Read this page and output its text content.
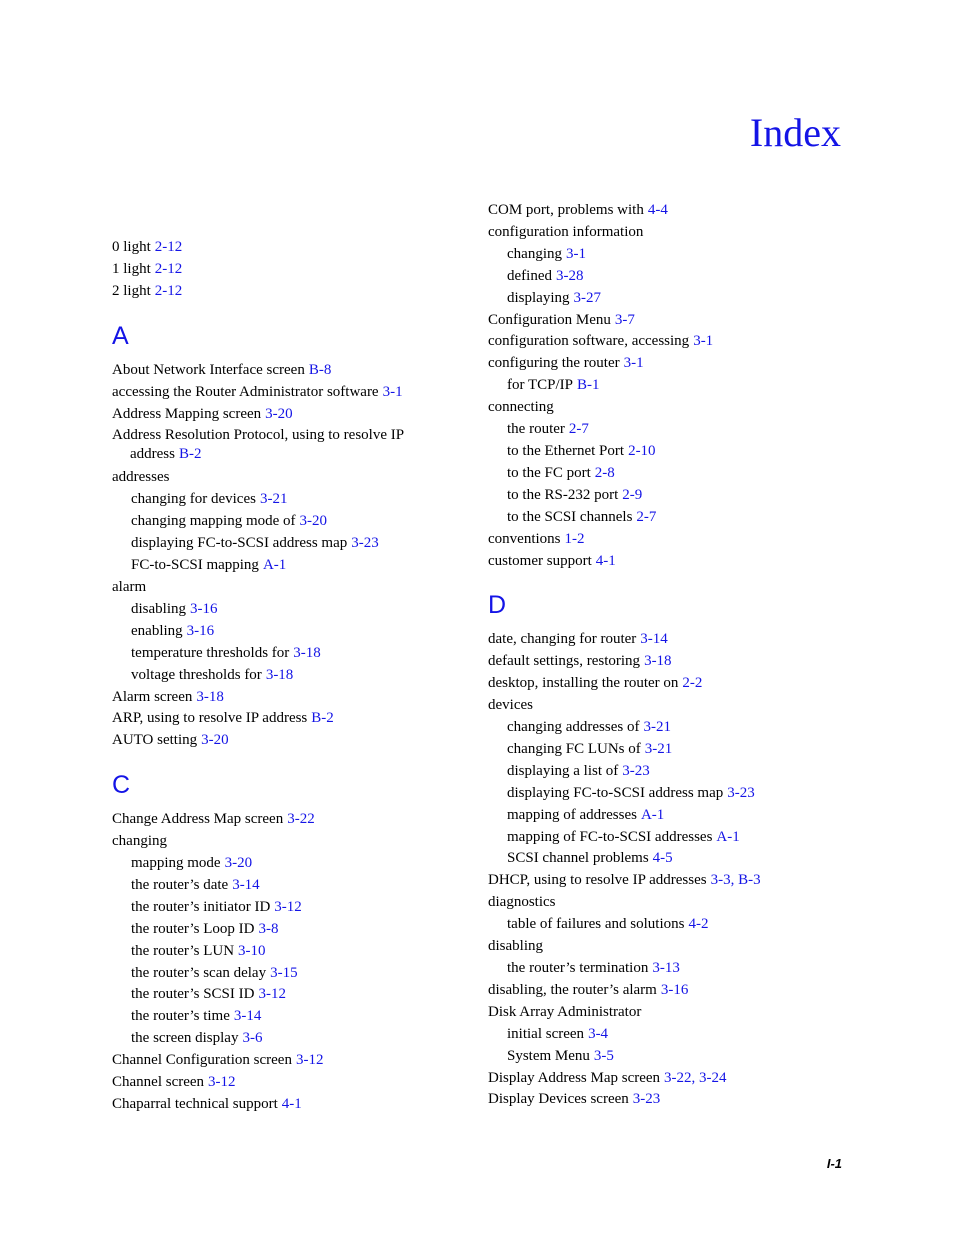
Index
0 light 2-12
1 light 2-12
2 light 2-12
A
About Network Interface screen B-8
accessing the Router Administrator software 3-1
Address Mapping screen 3-20
Address Resolution Protocol, using to resolve IP address B-2
addresses
changing for devices 3-21
changing mapping mode of 3-20
displaying FC-to-SCSI address map 3-23
FC-to-SCSI mapping A-1
alarm
disabling 3-16
enabling 3-16
temperature thresholds for 3-18
voltage thresholds for 3-18
Alarm screen 3-18
ARP, using to resolve IP address B-2
AUTO setting 3-20
C
Change Address Map screen 3-22
changing
mapping mode 3-20
the router’s date 3-14
the router’s initiator ID 3-12
the router’s Loop ID 3-8
the router’s LUN 3-10
the router’s scan delay 3-15
the router’s SCSI ID 3-12
the router’s time 3-14
the screen display 3-6
Channel Configuration screen 3-12
Channel screen 3-12
Chaparral technical support 4-1
COM port, problems with 4-4
configuration information
changing 3-1
defined 3-28
displaying 3-27
Configuration Menu 3-7
configuration software, accessing 3-1
configuring the router 3-1
for TCP/IP B-1
connecting
the router 2-7
to the Ethernet Port 2-10
to the FC port 2-8
to the RS-232 port 2-9
to the SCSI channels 2-7
conventions 1-2
customer support 4-1
D
date, changing for router 3-14
default settings, restoring 3-18
desktop, installing the router on 2-2
devices
changing addresses of 3-21
changing FC LUNs of 3-21
displaying a list of 3-23
displaying FC-to-SCSI address map 3-23
mapping of addresses A-1
mapping of FC-to-SCSI addresses A-1
SCSI channel problems 4-5
DHCP, using to resolve IP addresses 3-3, B-3
diagnostics
table of failures and solutions 4-2
disabling
the router’s termination 3-13
disabling, the router’s alarm 3-16
Disk Array Administrator
initial screen 3-4
System Menu 3-5
Display Address Map screen 3-22, 3-24
Display Devices screen 3-23
I-1
